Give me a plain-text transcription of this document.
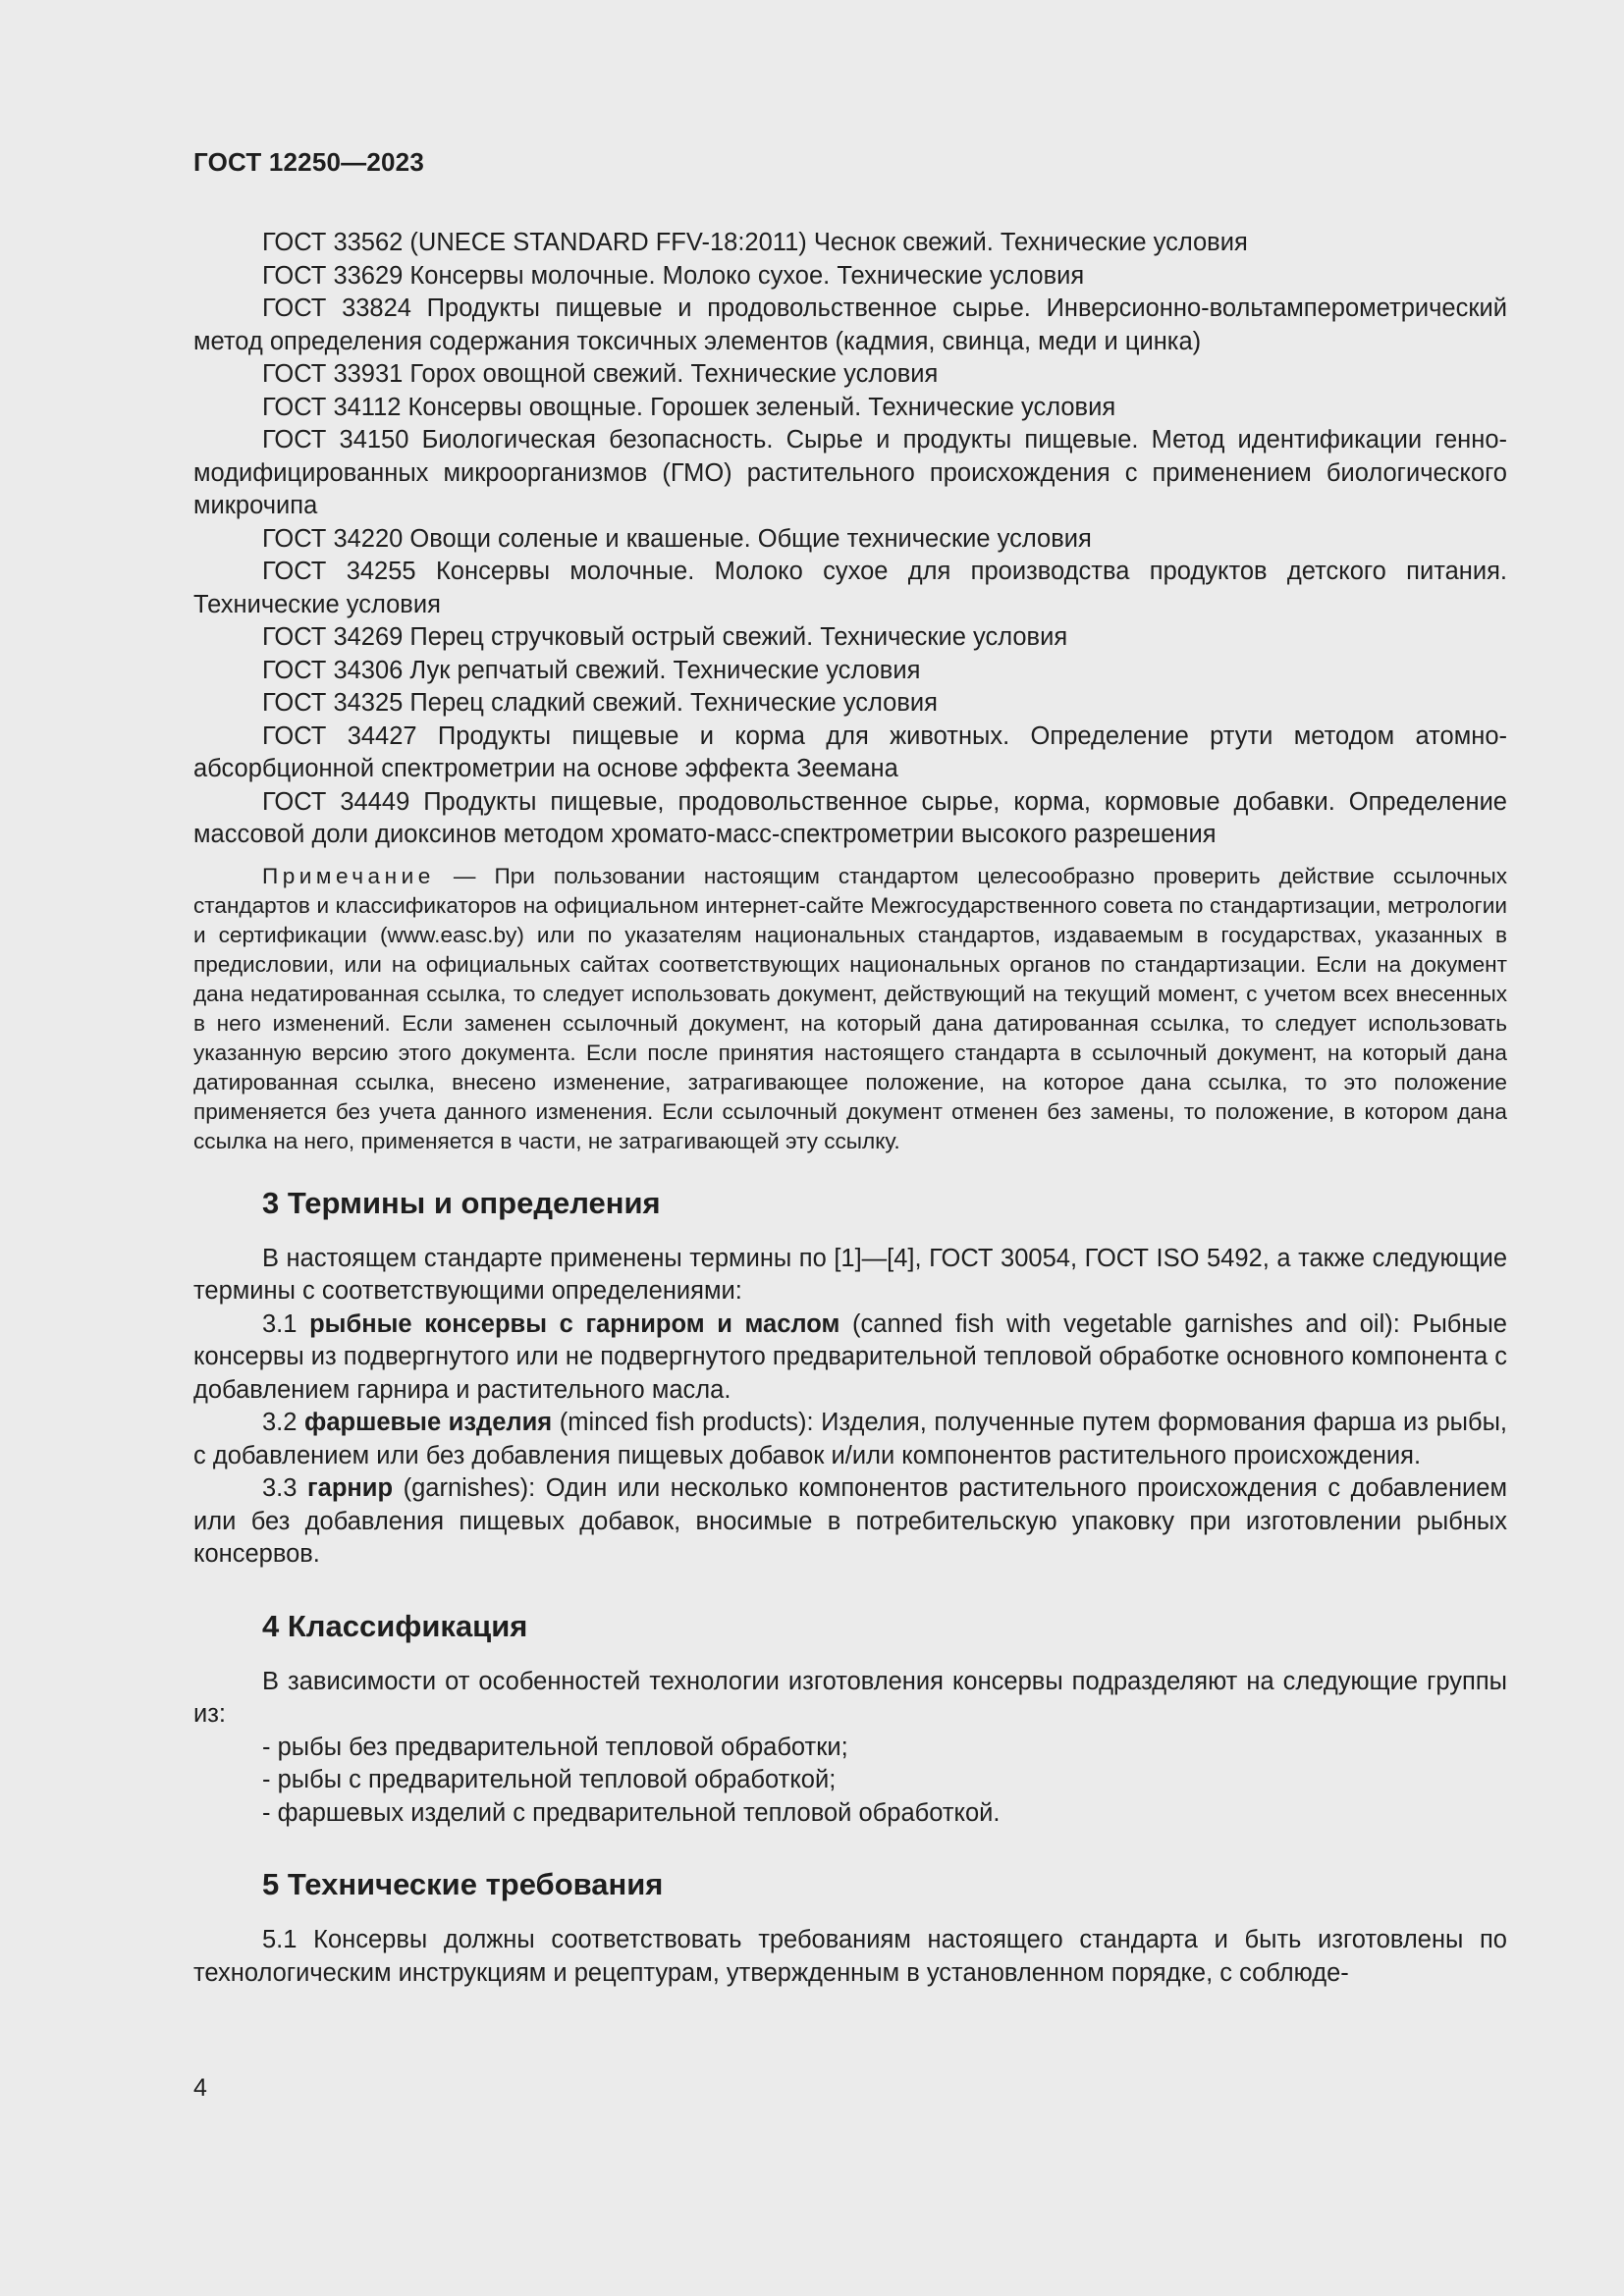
ГОСТ 12250—2023

ГОСТ 33562 (UNECE STANDARD FFV-18:2011) Чеснок свежий. Технические условия

ГОСТ 33629 Консервы молочные. Молоко сухое. Технические условия

ГОСТ 33824 Продукты пищевые и продовольственное сырье. Инверсионно-вольтамперометрический метод определения содержания токсичных элементов (кадмия, свинца, меди и цинка)

ГОСТ 33931 Горох овощной свежий. Технические условия

ГОСТ 34112 Консервы овощные. Горошек зеленый. Технические условия

ГОСТ 34150 Биологическая безопасность. Сырье и продукты пищевые. Метод идентификации генно-модифицированных микроорганизмов (ГМО) растительного происхождения с применением биологического микрочипа

ГОСТ 34220 Овощи соленые и квашеные. Общие технические условия

ГОСТ 34255 Консервы молочные. Молоко сухое для производства продуктов детского питания. Технические условия

ГОСТ 34269 Перец стручковый острый свежий. Технические условия

ГОСТ 34306 Лук репчатый свежий. Технические условия

ГОСТ 34325 Перец сладкий свежий. Технические условия

ГОСТ 34427 Продукты пищевые и корма для животных. Определение ртути методом атомно-абсорбционной спектрометрии на основе эффекта Зеемана

ГОСТ 34449 Продукты пищевые, продовольственное сырье, корма, кормовые добавки. Определение массовой доли диоксинов методом хромато-масс-спектрометрии высокого разрешения

Примечание — При пользовании настоящим стандартом целесообразно проверить действие ссылочных стандартов и классификаторов на официальном интернет-сайте Межгосударственного совета по стандартизации, метрологии и сертификации (www.easc.by) или по указателям национальных стандартов, издаваемым в государствах, указанных в предисловии, или на официальных сайтах соответствующих национальных органов по стандартизации. Если на документ дана недатированная ссылка, то следует использовать документ, действующий на текущий момент, с учетом всех внесенных в него изменений. Если заменен ссылочный документ, на который дана датированная ссылка, то следует использовать указанную версию этого документа. Если после принятия настоящего стандарта в ссылочный документ, на который дана датированная ссылка, внесено изменение, затрагивающее положение, на которое дана ссылка, то это положение применяется без учета данного изменения. Если ссылочный документ отменен без замены, то положение, в котором дана ссылка на него, применяется в части, не затрагивающей эту ссылку.

3 Термины и определения

В настоящем стандарте применены термины по [1]—[4], ГОСТ 30054, ГОСТ ISO 5492, а также следующие термины с соответствующими определениями:

3.1 рыбные консервы с гарниром и маслом (canned fish with vegetable garnishes and oil): Рыбные консервы из подвергнутого или не подвергнутого предварительной тепловой обработке основного компонента с добавлением гарнира и растительного масла.

3.2 фаршевые изделия (minced fish products): Изделия, полученные путем формования фарша из рыбы, с добавлением или без добавления пищевых добавок и/или компонентов растительного происхождения.

3.3 гарнир (garnishes): Один или несколько компонентов растительного происхождения с добавлением или без добавления пищевых добавок, вносимые в потребительскую упаковку при изготовлении рыбных консервов.

4 Классификация

В зависимости от особенностей технологии изготовления консервы подразделяют на следующие группы из:

- рыбы без предварительной тепловой обработки;

- рыбы с предварительной тепловой обработкой;

- фаршевых изделий с предварительной тепловой обработкой.

5 Технические требования

5.1 Консервы должны соответствовать требованиям настоящего стандарта и быть изготовлены по технологическим инструкциям и рецептурам, утвержденным в установленном порядке, с соблюде-

4
